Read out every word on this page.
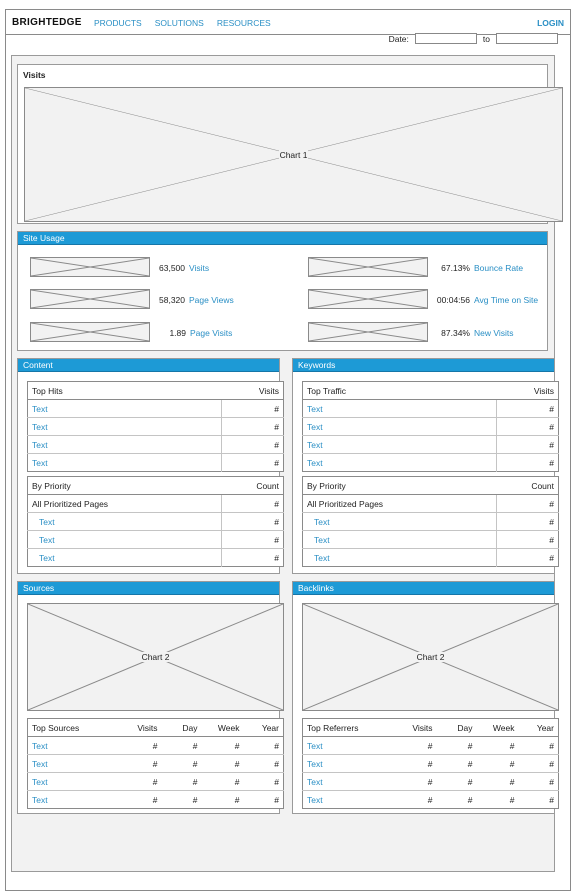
BRIGHTEDGE PRODUCTS SOLUTIONS RESOURCES	LOGIN
Date:	to
Visits
Chart 1
Site Usage
Content	Keywords
Sources	Backlinks
63,500 Visits	67.13% Bounce Rate
58,320 Page Views	00:04:56 Avg Time on Site
1.89 Page Visits	87.34% New Visits
Top Hits	Visits
Text	#
Text	#
Text	#
Text	#
By Priority	Count
All Prioritized Pages	#
Text	#
Text	#
Text	#
Top Traffic	Visits
Text	#
Text	#
Text	#
Text	#
By Priority	Count
All Prioritized Pages	#
Text	#
Text	#
Text	#
Chart 2	Chart 2
Top Sources	Visits	Day	Week	Year
Text	#	#	#	#
Text	#	#	#	#
Text	#	#	#	#
Text	#	#	#	#
Top Referrers	Visits	Day	Week	Year
Text	#	#	#	#
Text	#	#	#	#
Text	#	#	#	#
Text	#	#	#	#
